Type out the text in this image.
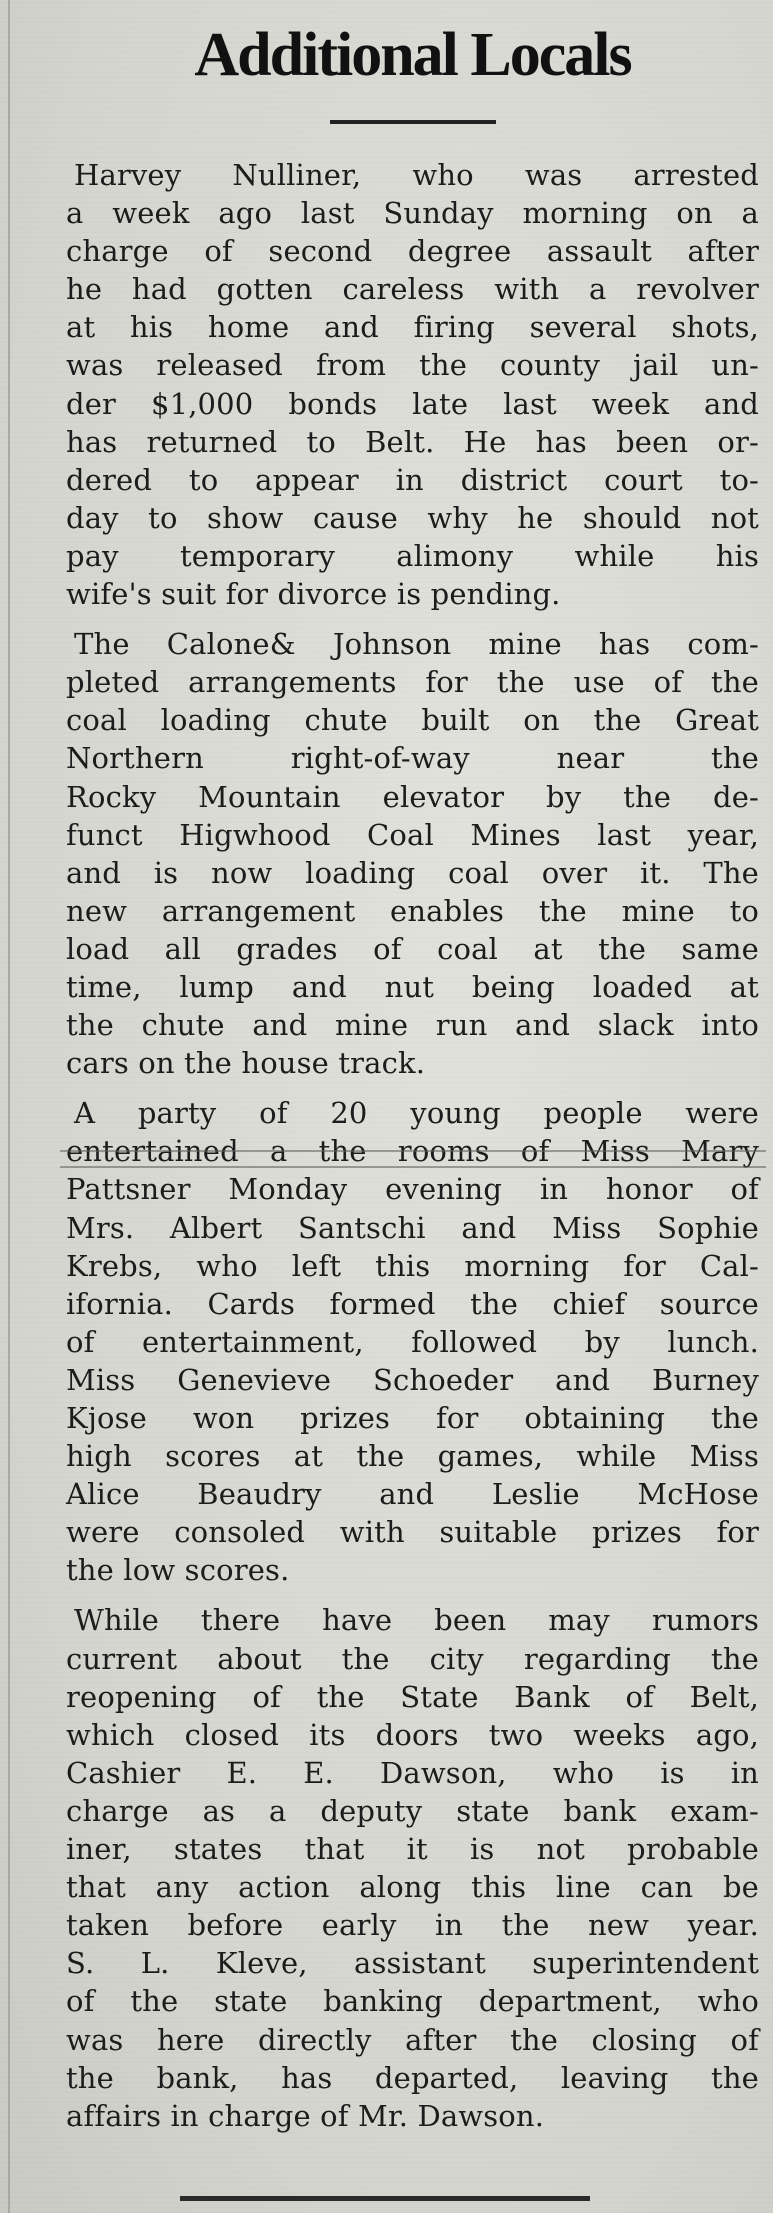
Additional Locals
Harvey Nulliner, who was arrested
a week ago last Sunday morning on a
charge of second degree assault after
he had gotten careless with a revolver
at his home and firing several shots,
was released from the county jail un-
der $1,000 bonds late last week and
has returned to Belt. He has been or-
dered to appear in district court to-
day to show cause why he should not
pay temporary alimony while his
wife's suit for divorce is pending.
The Calone& Johnson mine has com-
pleted arrangements for the use of the
coal loading chute built on the Great
Northern right-of-way near the
Rocky Mountain elevator by the de-
funct Higwhood Coal Mines last year,
and is now loading coal over it. The
new arrangement enables the mine to
load all grades of coal at the same
time, lump and nut being loaded at
the chute and mine run and slack into
cars on the house track.
A party of 20 young people were
entertained a the rooms of Miss Mary
Pattsner Monday evening in honor of
Mrs. Albert Santschi and Miss Sophie
Krebs, who left this morning for Cal-
ifornia. Cards formed the chief source
of entertainment, followed by lunch.
Miss Genevieve Schoeder and Burney
Kjose won prizes for obtaining the
high scores at the games, while Miss
Alice Beaudry and Leslie McHose
were consoled with suitable prizes for
the low scores.
While there have been may rumors
current about the city regarding the
reopening of the State Bank of Belt,
which closed its doors two weeks ago,
Cashier E. E. Dawson, who is in
charge as a deputy state bank exam-
iner, states that it is not probable
that any action along this line can be
taken before early in the new year.
S. L. Kleve, assistant superintendent
of the state banking department, who
was here directly after the closing of
the bank, has departed, leaving the
affairs in charge of Mr. Dawson.
